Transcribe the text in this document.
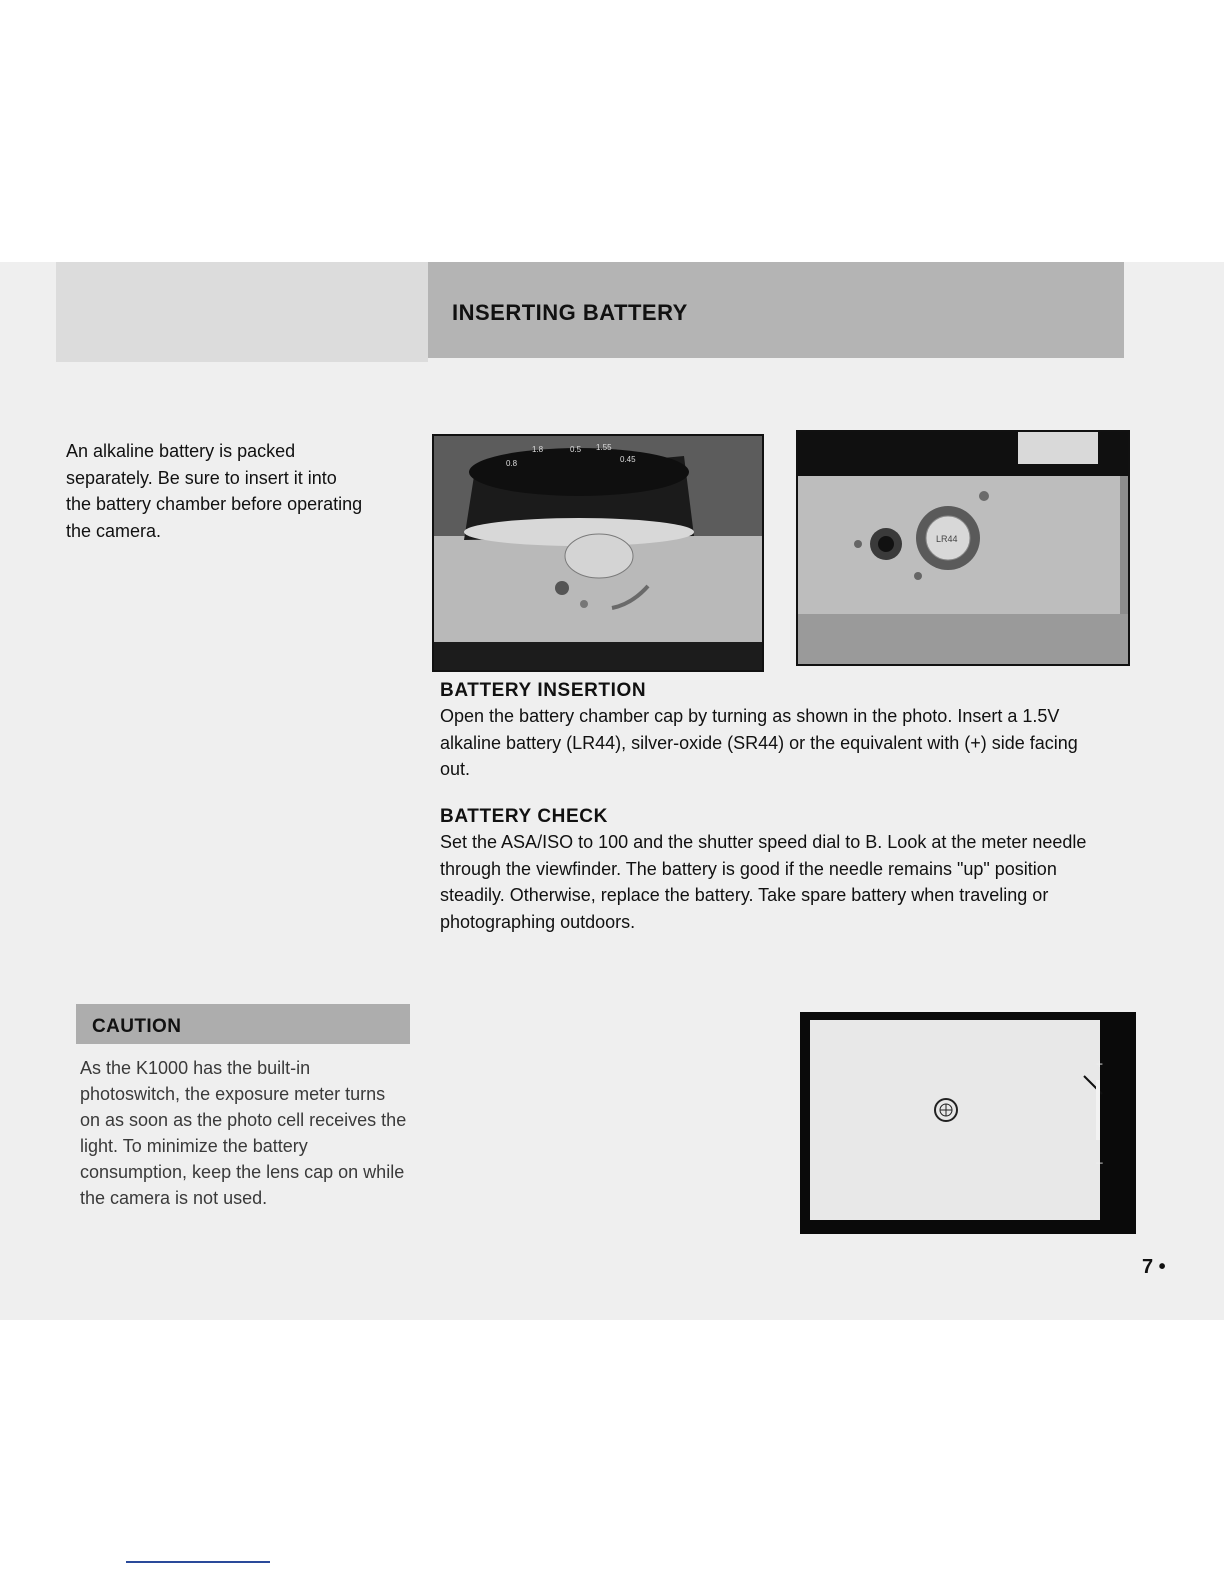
INSERTING BATTERY
An alkaline battery is packed separately. Be sure to insert it into the battery chamber before operating the camera.
0.8
1.8	0.5 1.55
0.45
LR44
BATTERY INSERTION
Open the battery chamber cap by turning as shown in the photo. Insert a 1.5V alkaline battery (LR44), silver-oxide (SR44) or the equivalent with (+) side facing out.
BATTERY CHECK
Set the ASA/ISO to 100 and the shutter speed dial to B. Look at the meter needle through the viewfinder. The battery is good if the needle remains "up" position steadily. Otherwise, replace the battery. Take spare battery when traveling or photographing outdoors.
CAUTION
As the K1000 has the built-in photoswitch, the exposure meter turns on as soon as the photo cell receives the light. To minimize the battery consumption, keep the lens cap on while the camera is not used.
+
–
7 •
